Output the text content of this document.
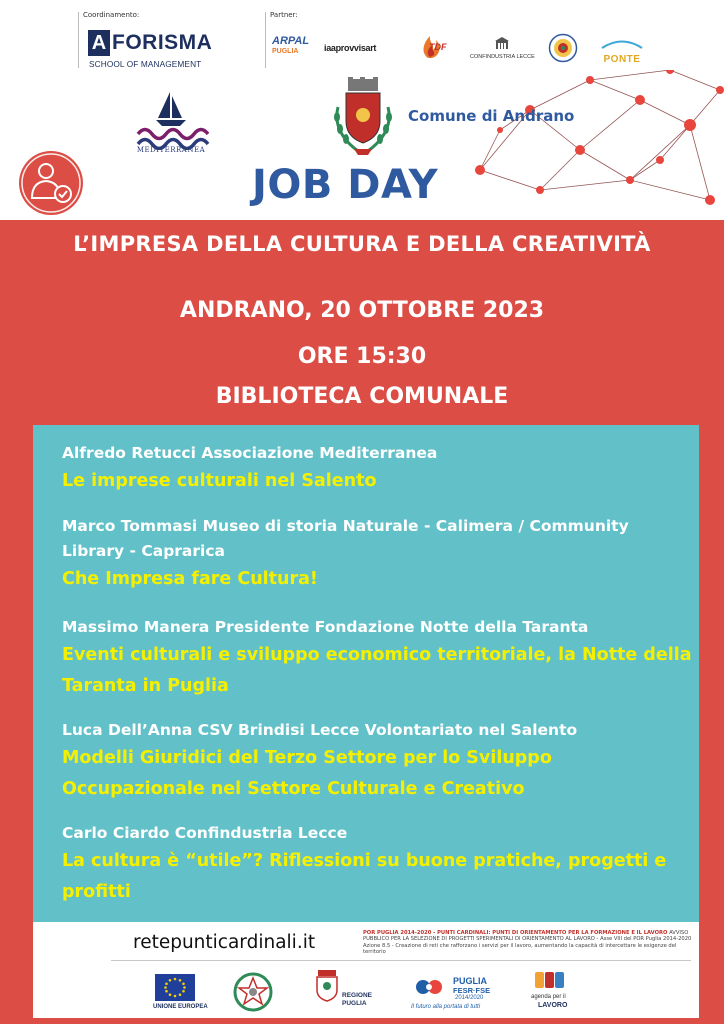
Coordinamento:
A FORISMA
SCHOOL OF MANAGEMENT
Partner:
ARPAL
PUGLIA	iaaprovvisart	TDF
CONFINDUSTRIA LECCE	PONTE
MEDITERRANEA
Comune di Andrano
JOB DAY
L’IMPRESA DELLA CULTURA E DELLA CREATIVITÀ
ANDRANO, 20 OTTOBRE 2023
ORE 15:30
BIBLIOTECA COMUNALE
Alfredo Retucci Associazione Mediterranea
Le imprese culturali nel Salento
Marco Tommasi Museo di storia Naturale - Calimera / Community Library - Caprarica
Che Impresa fare Cultura!
Massimo Manera Presidente Fondazione Notte della Taranta
Eventi culturali e sviluppo economico territoriale, la Notte della Taranta in Puglia
Luca Dell’Anna CSV Brindisi Lecce Volontariato nel Salento
Modelli Giuridici del Terzo Settore per lo Sviluppo Occupazionale nel Settore Culturale e Creativo
Carlo Ciardo Confindustria Lecce
La cultura è “utile”? Riflessioni su buone pratiche, progetti e profitti
retepunticardinali.it	POR PUGLIA 2014-2020 - PUNTI CARDINALI: PUNTI DI ORIENTAMENTO PER LA FORMAZIONE E IL LAVORO AVVISO PUBBLICO PER LA SELEZIONE DI PROGETTI SPERIMENTALI DI ORIENTAMENTO AL LAVORO - Asse VIII del POR Puglia 2014-2020 Azione 8.5 - Creazione di reti che rafforzano i servizi per il lavoro, aumentando la capacità di intercettare le esigenze del territorio
UNIONE EUROPEA
REGIONE
PUGLIA
PUGLIA
FESR·FSE
2014/2020
Il futuro alla portata di tutti
agenda per il
LAVORO
